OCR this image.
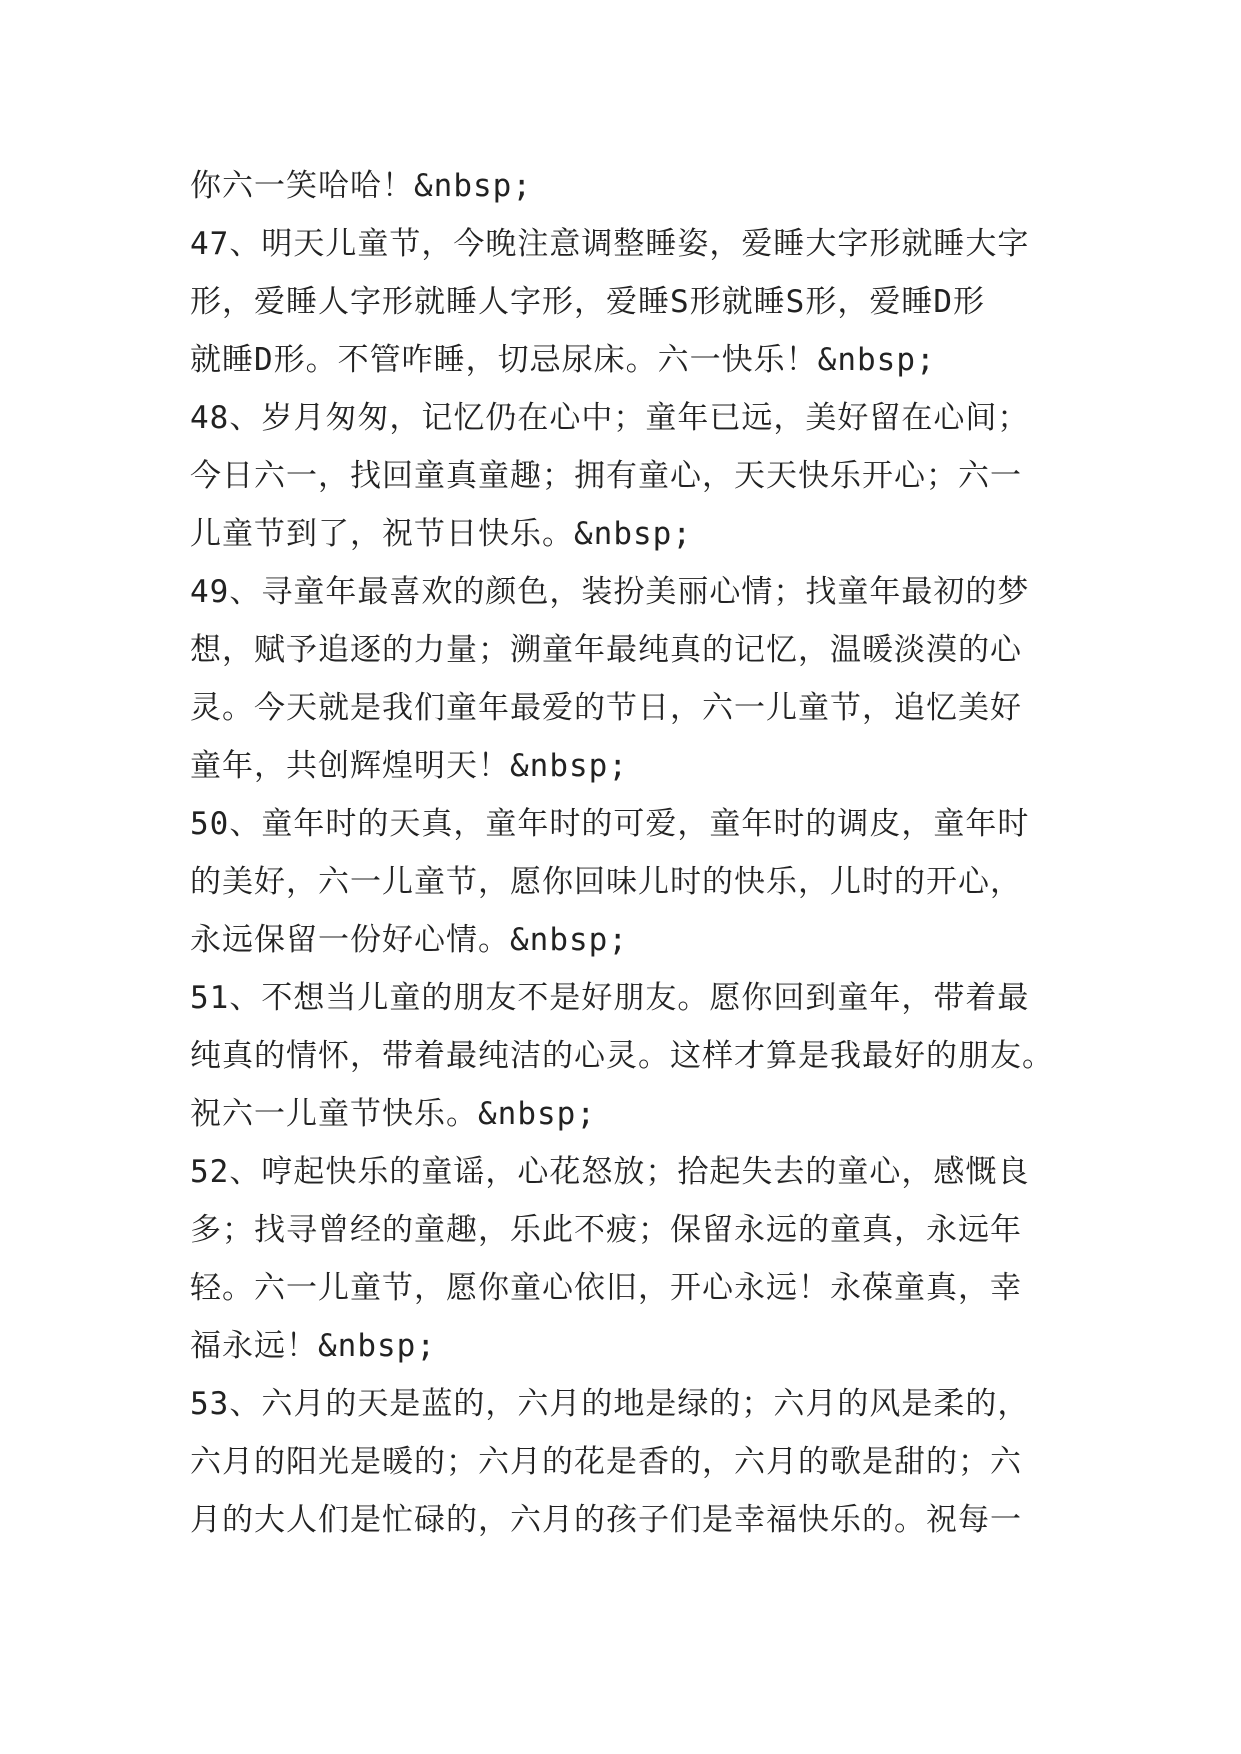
你六一笑哈哈！&nbsp;
47、明天儿童节，今晚注意调整睡姿，爱睡大字形就睡大字
形，爱睡人字形就睡人字形，爱睡S形就睡S形，爱睡D形
就睡D形。不管咋睡，切忌尿床。六一快乐！&nbsp;
48、岁月匆匆，记忆仍在心中；童年已远，美好留在心间；
今日六一，找回童真童趣；拥有童心，天天快乐开心；六一
儿童节到了，祝节日快乐。&nbsp;
49、寻童年最喜欢的颜色，装扮美丽心情；找童年最初的梦
想，赋予追逐的力量；溯童年最纯真的记忆，温暖淡漠的心
灵。今天就是我们童年最爱的节日，六一儿童节，追忆美好
童年，共创辉煌明天！&nbsp;
50、童年时的天真，童年时的可爱，童年时的调皮，童年时
的美好，六一儿童节，愿你回味儿时的快乐，儿时的开心，
永远保留一份好心情。&nbsp;
51、不想当儿童的朋友不是好朋友。愿你回到童年，带着最
纯真的情怀，带着最纯洁的心灵。这样才算是我最好的朋友。
祝六一儿童节快乐。&nbsp;
52、哼起快乐的童谣，心花怒放；拾起失去的童心，感慨良
多；找寻曾经的童趣，乐此不疲；保留永远的童真，永远年
轻。六一儿童节，愿你童心依旧，开心永远！永葆童真，幸
福永远！&nbsp;
53、六月的天是蓝的，六月的地是绿的；六月的风是柔的，
六月的阳光是暖的；六月的花是香的，六月的歌是甜的；六
月的大人们是忙碌的，六月的孩子们是幸福快乐的。祝每一
